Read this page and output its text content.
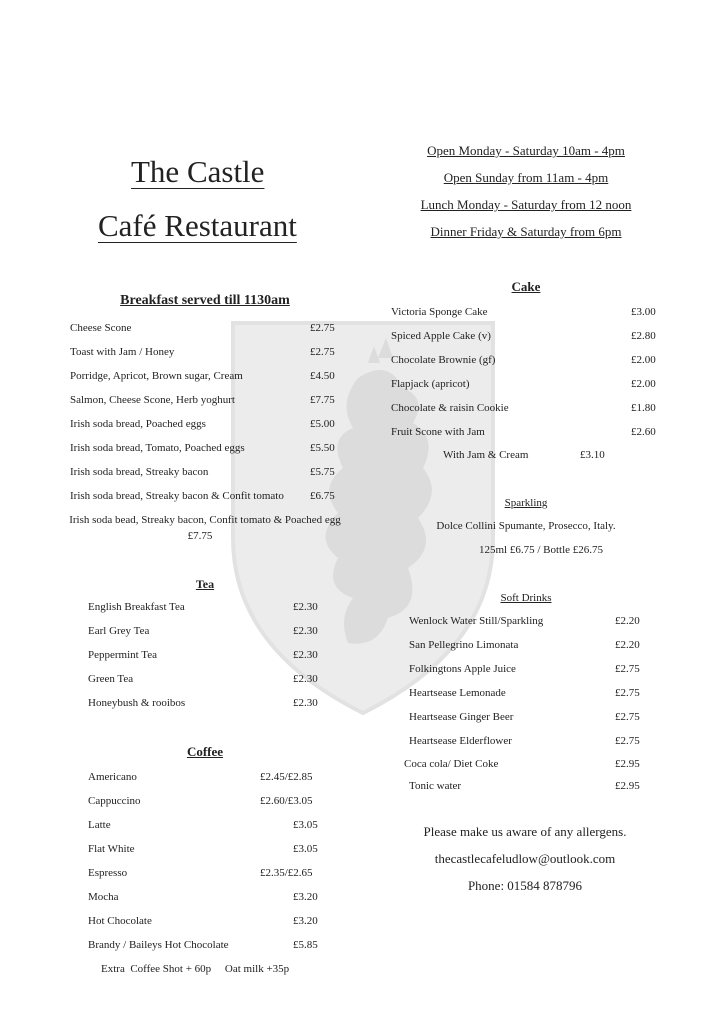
The Castle
Café Restaurant
Open Monday - Saturday 10am - 4pm
Open Sunday from 11am - 4pm
Lunch Monday - Saturday from 12 noon
Dinner Friday & Saturday from 6pm
Breakfast served till 1130am
Cheese Scone	£2.75
Toast with Jam / Honey	£2.75
Porridge, Apricot, Brown sugar, Cream	£4.50
Salmon, Cheese Scone, Herb yoghurt	£7.75
Irish soda bread, Poached eggs	£5.00
Irish soda bread, Tomato, Poached eggs	£5.50
Irish soda bread, Streaky bacon	£5.75
Irish soda bread, Streaky bacon & Confit tomato £6.75
Irish soda bead, Streaky bacon, Confit tomato & Poached egg
£7.75
Tea
English Breakfast Tea	£2.30
Earl Grey Tea	£2.30
Peppermint Tea	£2.30
Green Tea	£2.30
Honeybush & rooibos	£2.30
Coffee
Americano	£2.45/£2.85
Cappuccino	£2.60/£3.05
Latte	£3.05
Flat White	£3.05
Espresso	£2.35/£2.65
Mocha	£3.20
Hot Chocolate	£3.20
Brandy / Baileys Hot Chocolate	£5.85
Extra  Coffee Shot + 60p     Oat milk +35p
Cake
Victoria Sponge Cake	£3.00
Spiced Apple Cake (v)	£2.80
Chocolate Brownie (gf)	£2.00
Flapjack (apricot)	£2.00
Chocolate & raisin Cookie	£1.80
Fruit Scone with Jam	£2.60
With Jam & Cream	£3.10
Sparkling
Dolce Collini Spumante, Prosecco, Italy.
125ml £6.75 / Bottle £26.75
Soft Drinks
Wenlock Water Still/Sparkling	£2.20
San Pellegrino Limonata	£2.20
Folkingtons Apple Juice	£2.75
Heartsease Lemonade	£2.75
Heartsease Ginger Beer	£2.75
Heartsease Elderflower	£2.75
Coca cola/ Diet Coke	£2.95
Tonic water	£2.95
Please make us aware of any allergens.
thecastlecafeludlow@outlook.com
Phone: 01584 878796
